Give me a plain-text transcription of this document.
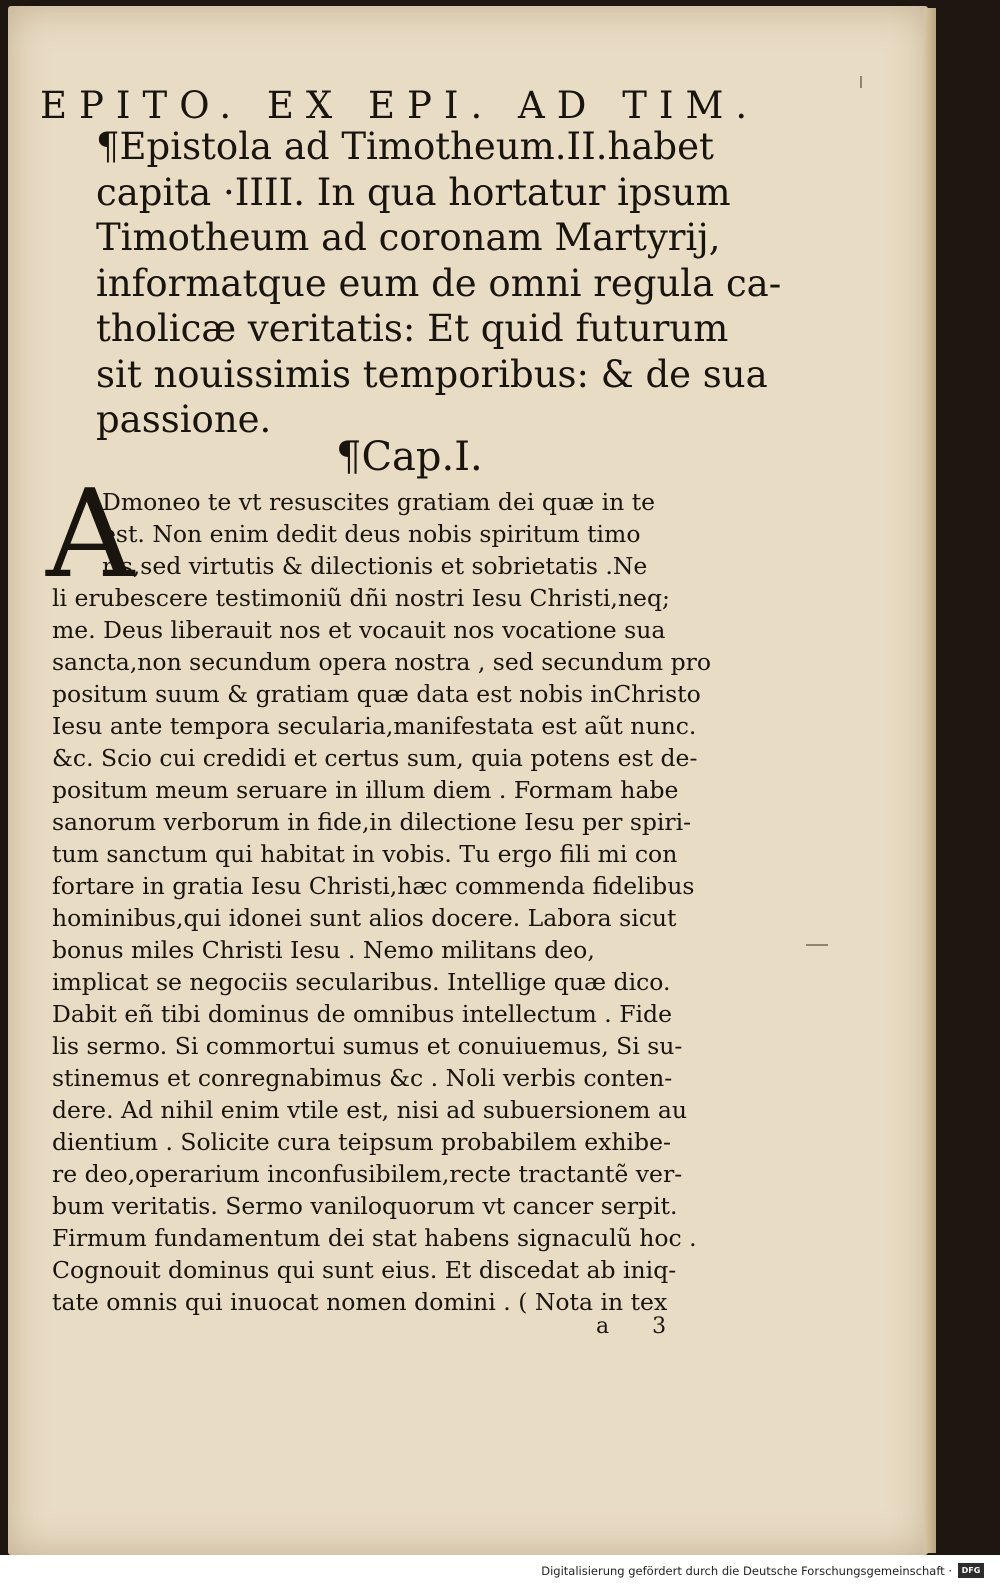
EPITO. EX EPI. AD TIM.
¶Epistola ad Timotheum.II.habet
capita ·IIII. In qua hortatur ipsum
Timotheum ad coronam Martyrij,
informatque eum de omni regula ca-
tholicæ veritatis: Et quid futurum
sit nouissimis temporibus: & de sua
passione.
¶Cap.I.
A
Dmoneo te vt resuscites gratiam dei quæ in te
est. Non enim dedit deus nobis spiritum timo
ris,sed virtutis & dilectionis et sobrietatis .Ne
li erubescere testimoniũ dñi nostri Iesu Christi,neq;
me. Deus liberauit nos et vocauit nos vocatione sua
sancta,non secundum opera nostra , sed secundum pro
positum suum & gratiam quæ data est nobis inChristo
Iesu ante tempora secularia,manifestata est aũt nunc.
&c. Scio cui credidi et certus sum, quia potens est de-
positum meum seruare in illum diem . Formam habe
sanorum verborum in fide,in dilectione Iesu per spiri-
tum sanctum qui habitat in vobis. Tu ergo fili mi con
fortare in gratia Iesu Christi,hæc commenda fidelibus
hominibus,qui idonei sunt alios docere. Labora sicut
bonus miles Christi Iesu . Nemo militans deo,
implicat se negociis secularibus. Intellige quæ dico.
Dabit eñ tibi dominus de omnibus intellectum . Fide
lis sermo. Si commortui sumus et conuiuemus, Si su-
stinemus et conregnabimus &c . Noli verbis conten-
dere. Ad nihil enim vtile est, nisi ad subuersionem au
dientium . Solicite cura teipsum probabilem exhibe-
re deo,operarium inconfusibilem,recte tractantẽ ver-
bum veritatis. Sermo vaniloquorum vt cancer serpit.
Firmum fundamentum dei stat habens signaculũ hoc .
Cognouit dominus qui sunt eius. Et discedat ab iniq-
tate omnis qui inuocat nomen domini . ( Nota in tex
a 3
Digitalisierung gefördert durch die Deutsche Forschungsgemeinschaft ·	DFG
